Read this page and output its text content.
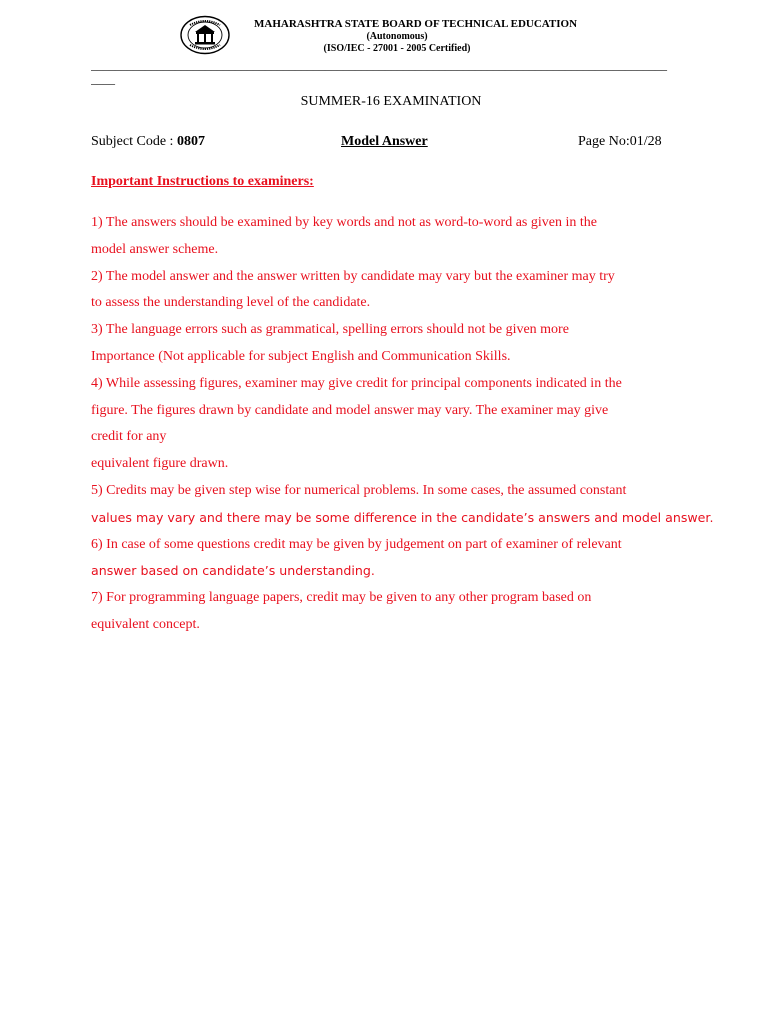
MAHARASHTRA STATE BOARD OF TECHNICAL EDUCATION
(Autonomous)
(ISO/IEC - 27001 - 2005 Certified)
________________________________________________________________________________________________
____
SUMMER-16 EXAMINATION
Subject Code : 0807	Model Answer	Page No:01/28
Important Instructions to examiners:
1) The answers should be examined by key words and not as word-to-word as given in the
model answer scheme.
2) The model answer and the answer written by candidate may vary but the examiner may try
to assess the understanding level of the candidate.
3) The language errors such as grammatical, spelling errors should not be given more
Importance (Not applicable for subject English and Communication Skills.
4) While assessing figures, examiner may give credit for principal components indicated in the
figure. The figures drawn by candidate and model answer may vary. The examiner may give
credit for any
equivalent figure drawn.
5) Credits may be given step wise for numerical problems. In some cases, the assumed constant
values may vary and there may be some difference in the candidate’s answers and model answer.
6) In case of some questions credit may be given by judgement on part of examiner of relevant
answer based on candidate’s understanding.
7) For programming language papers, credit may be given to any other program based on
equivalent concept.
